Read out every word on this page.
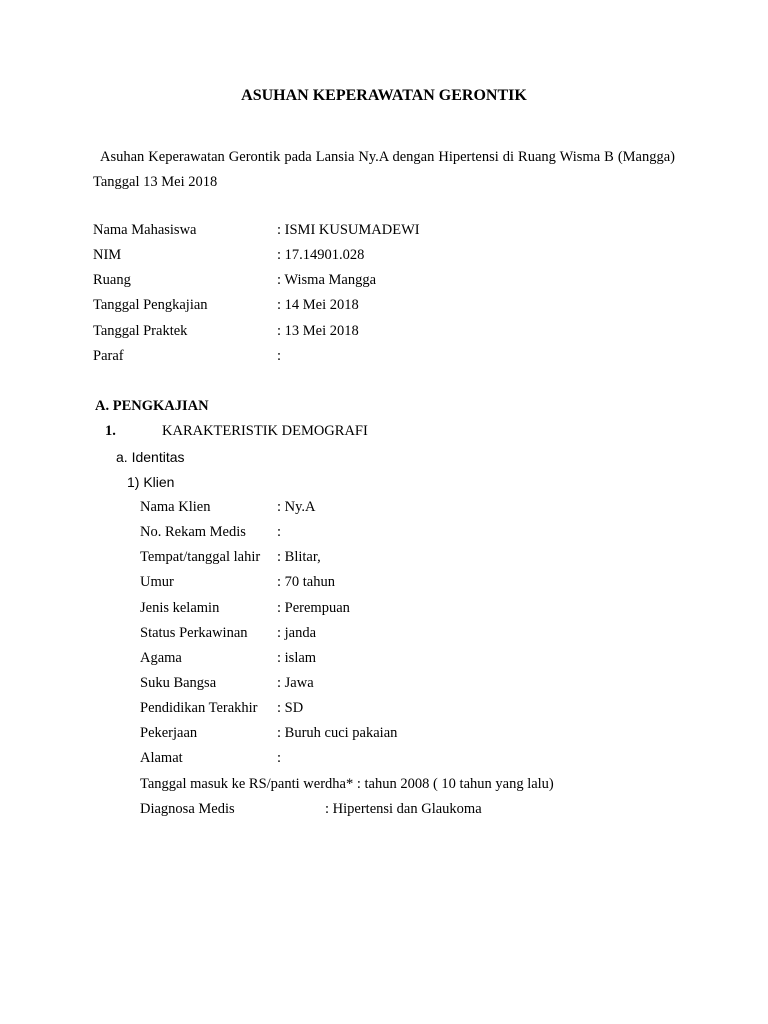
ASUHAN KEPERAWATAN GERONTIK
Asuhan Keperawatan Gerontik pada Lansia Ny.A dengan Hipertensi di Ruang Wisma B (Mangga) Tanggal 13 Mei 2018
Nama Mahasiswa	: ISMI KUSUMADEWI
NIM	: 17.14901.028
Ruang	: Wisma Mangga
Tanggal Pengkajian	: 14 Mei 2018
Tanggal Praktek	: 13 Mei 2018
Paraf	:
A. PENGKAJIAN
1.	KARAKTERISTIK DEMOGRAFI
a. Identitas
1) Klien
Nama Klien	: Ny.A
No. Rekam Medis :
Tempat/tanggal lahir : Blitar,
Umur	: 70 tahun
Jenis kelamin	: Perempuan
Status Perkawinan : janda
Agama	: islam
Suku Bangsa	: Jawa
Pendidikan Terakhir : SD
Pekerjaan	: Buruh cuci pakaian
Alamat	:
Tanggal masuk ke RS/panti werdha* : tahun 2008 ( 10 tahun yang lalu)
Diagnosa Medis	: Hipertensi dan Glaukoma
